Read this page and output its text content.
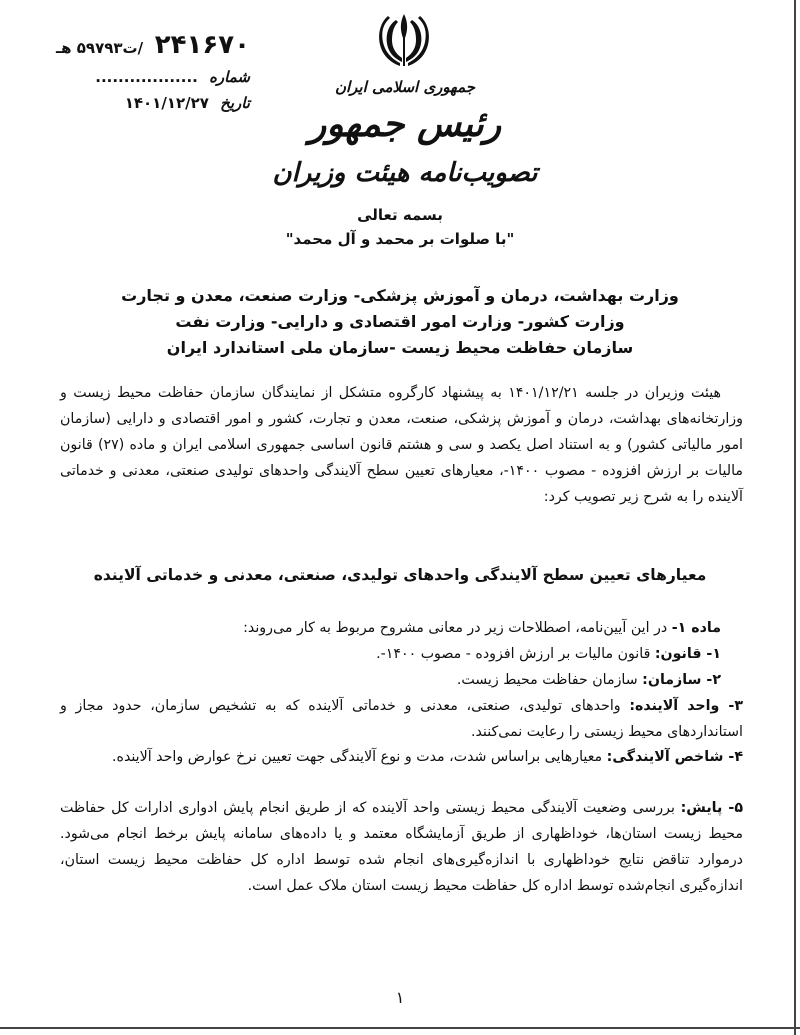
۲۴۱۶۷۰ /ت۵۹۷۹۳ هـ
شماره ..................
تاریخ ۱۴۰۱/۱۲/۲۷
جمهوری اسلامی ایران
رئیس جمهور
تصویب‌نامه هیئت وزیران
بسمه تعالی
"با صلوات بر محمد و آل محمد"
وزارت بهداشت، درمان و آموزش پزشکی- وزارت صنعت، معدن و تجارت
وزارت کشور- وزارت امور اقتصادی و دارایی- وزارت نفت
سازمان حفاظت محیط زیست -سازمان ملی استاندارد ایران
هیئت وزیران در جلسه ۱۴۰۱/۱۲/۲۱ به پیشنهاد کارگروه متشکل از نمایندگان سازمان حفاظت محیط زیست و وزارتخانه‌های بهداشت، درمان و آموزش پزشکی، صنعت، معدن و تجارت، کشور و امور اقتصادی و دارایی (سازمان امور مالیاتی کشور) و به استناد اصل یکصد و سی و هشتم قانون اساسی جمهوری اسلامی ایران و ماده (۲۷) قانون مالیات بر ارزش افزوده - مصوب ۱۴۰۰-، معیارهای تعیین سطح آلایندگی واحدهای تولیدی صنعتی، معدنی و خدماتی آلاینده را به شرح زیر تصویب کرد:
معیارهای تعیین سطح آلایندگی واحدهای تولیدی، صنعتی، معدنی و خدماتی آلاینده
ماده ۱- در این آیین‌نامه، اصطلاحات زیر در معانی مشروح مربوط به کار می‌روند:
۱- قانون: قانون مالیات بر ارزش افزوده - مصوب ۱۴۰۰-.
۲- سازمان: سازمان حفاظت محیط زیست.
۳- واحد آلاینده: واحدهای تولیدی، صنعتی، معدنی و خدماتی آلاینده که به تشخیص سازمان، حدود مجاز و استانداردهای محیط زیستی را رعایت نمی‌کنند.
۴- شاخص آلایندگی: معیارهایی براساس شدت، مدت و نوع آلایندگی جهت تعیین نرخ عوارض واحد آلاینده.
۵- پایش: بررسی وضعیت آلایندگی محیط زیستی واحد آلاینده که از طریق انجام پایش ادواری ادارات کل حفاظت محیط زیست استان‌ها، خوداظهاری از طریق آزمایشگاه معتمد و یا داده‌های سامانه پایش برخط انجام می‌شود. درموارد تناقض نتایج خوداظهاری با اندازه‌گیری‌های انجام شده توسط اداره کل حفاظت محیط زیست استان، اندازه‌گیری انجام‌شده توسط اداره کل حفاظت محیط زیست استان ملاک عمل است.
۱
